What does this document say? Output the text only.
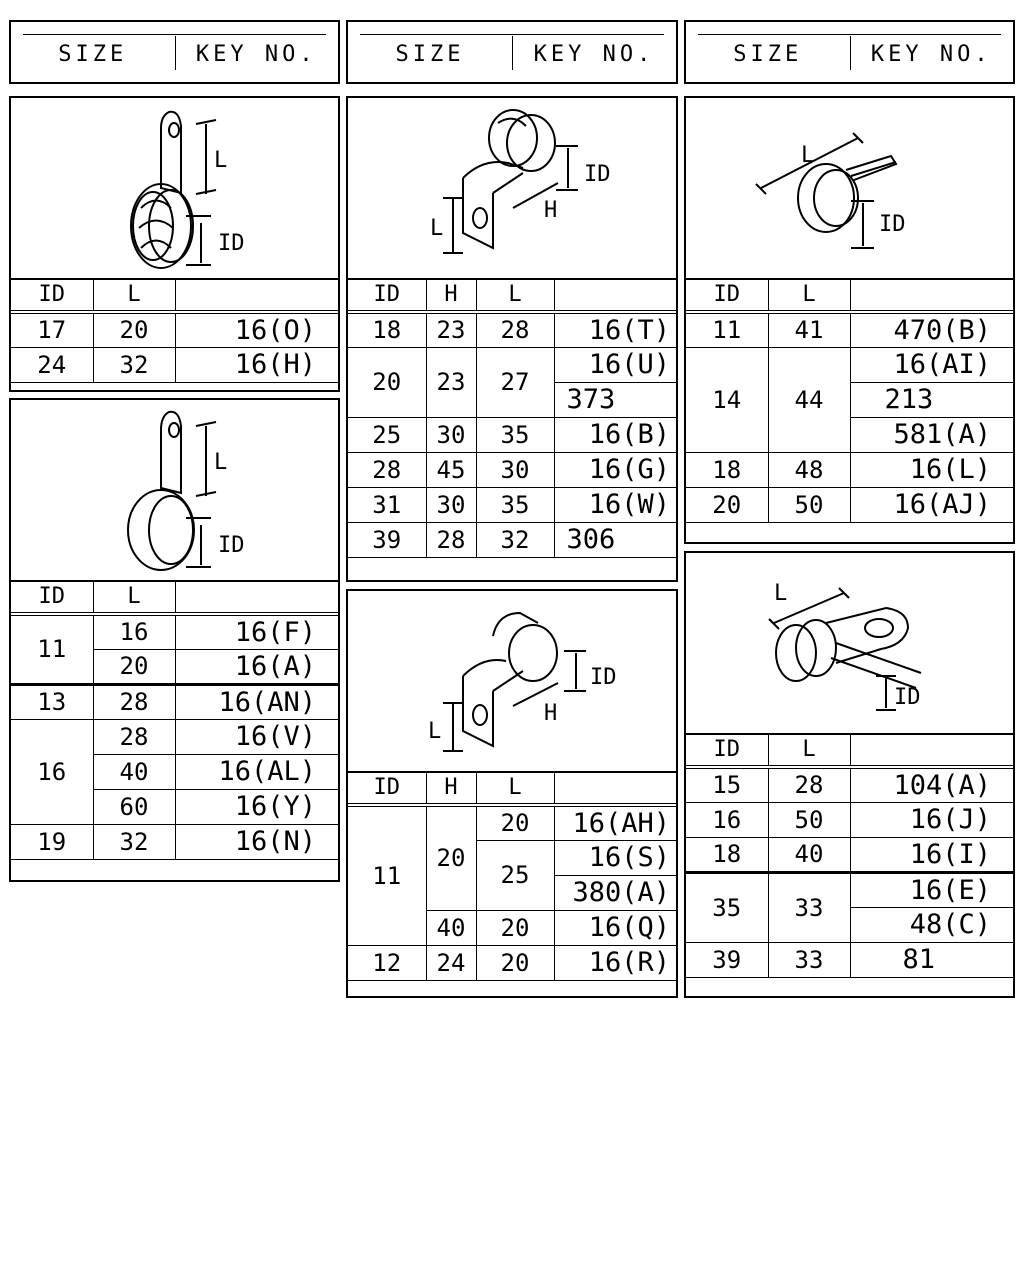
SIZE	KEY NO.	SIZE	KEY NO.	SIZE	KEY NO.
L
ID
ID	L	
17	20	16(O)
24	32	16(H)
L
ID
ID	L	
11	16	16(F)
	20	16(A)
13	28	16(AN)
16	28	16(V)
	40	16(AL)
	60	16(Y)
19	32	16(N)
L
ID
H
ID	H	L	
18	23	28	16(T)
20	23	27	16(U)
			373
25	30	35	16(B)
28	45	30	16(G)
31	30	35	16(W)
39	28	32	306
L
ID
H
ID	H	L	
11	20	20	16(AH)
		25	16(S)
			380(A)
	40	20	16(Q)
12	24	20	16(R)
L
ID
ID	L	
11	41	470(B)
14	44	16(AI)
		213
		581(A)
18	48	16(L)
20	50	16(AJ)
L
ID
ID	L	
15	28	104(A)
16	50	16(J)
18	40	16(I)
35	33	16(E)
		48(C)
39	33	81
